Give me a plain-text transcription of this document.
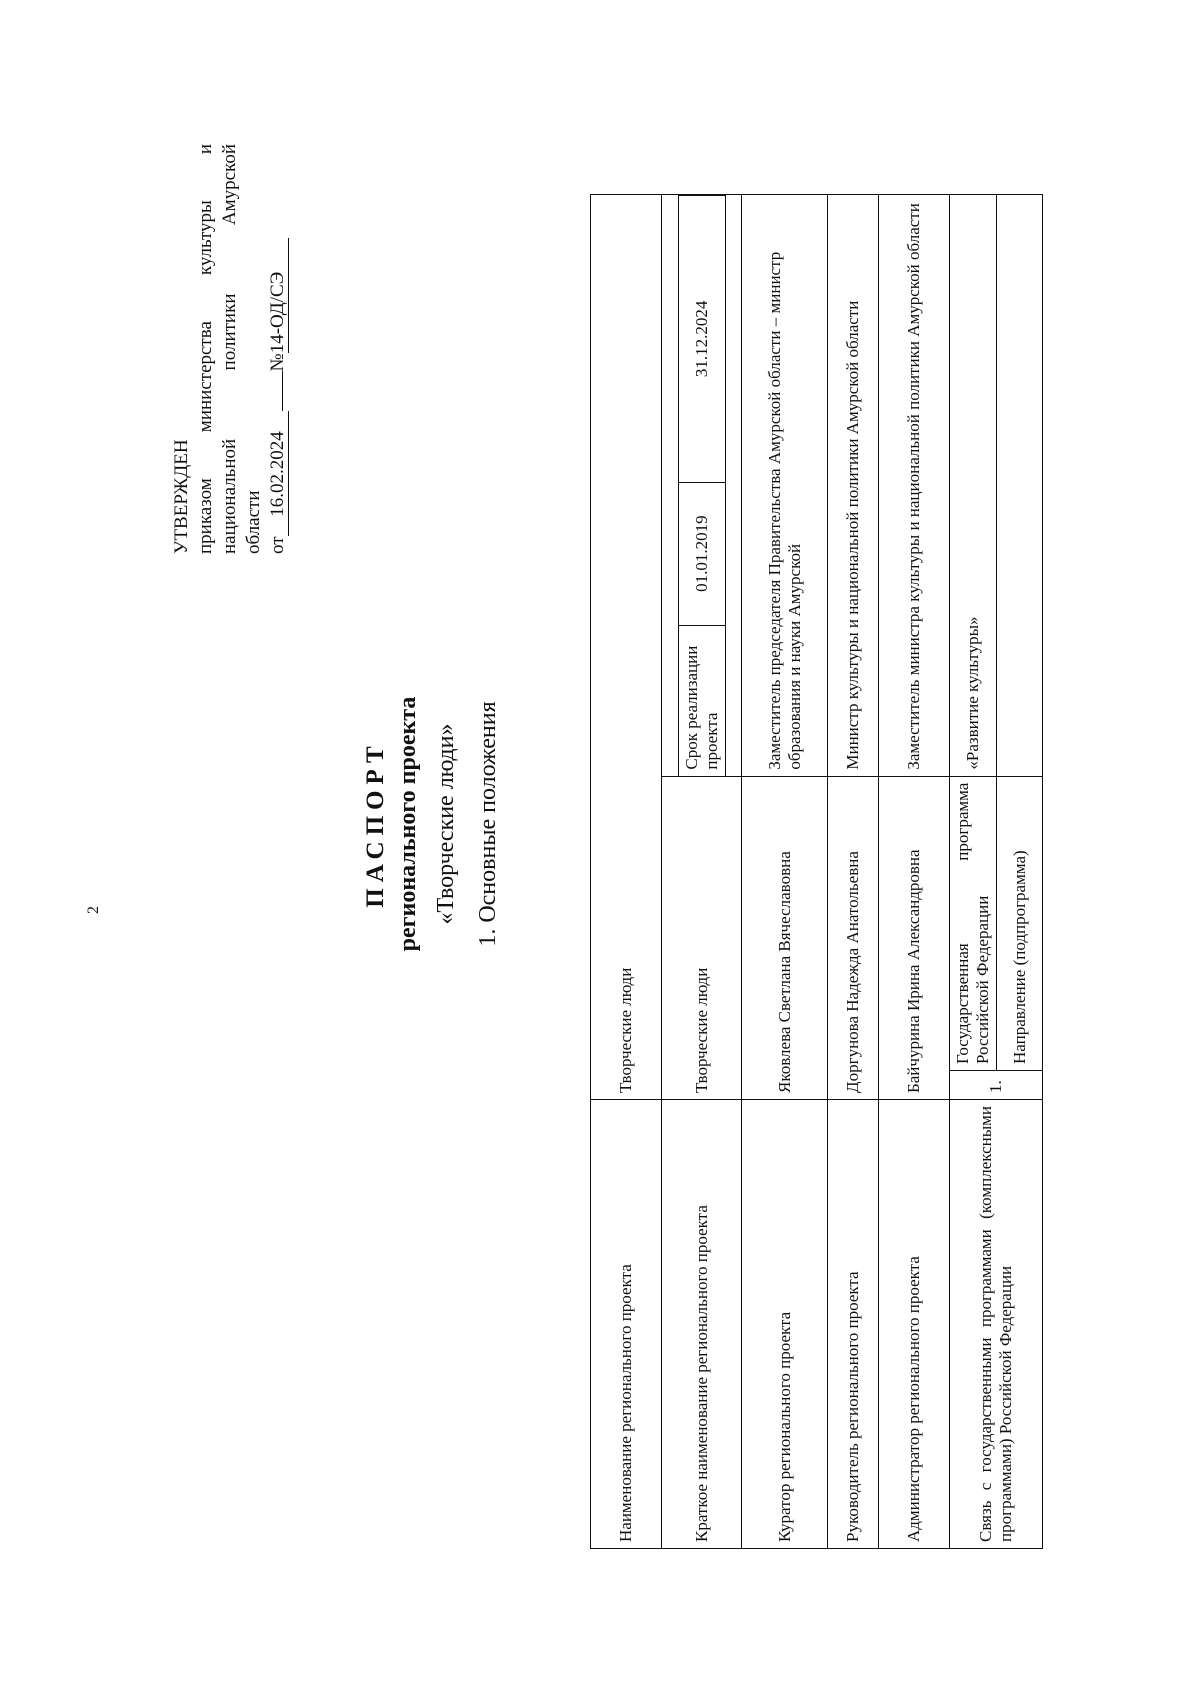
2
УТВЕРЖДЕН приказом министерства культуры и национальной политики Амурской области от
16.02.2024
№
14-ОД/СЭ
ПАСПОРТ регионального проекта «Творческие люди» 1. Основные положения
Наименование регионального проекта	Творческие люди
Краткое наименование регионального проекта	Творческие люди	
Срок реализации проекта	01.01.2019	31.12.2024

Куратор регионального проекта	Яковлева Светлана Вячеславовна	Заместитель председателя Правительства Амурской области – министр образования и науки Амурской
Руководитель регионального проекта	Доргунова Надежда Анатольевна	Министр культуры и национальной политики Амурской области
Администратор регионального проекта	Байчурина Ирина Александровна	Заместитель министра культуры и национальной политики Амурской области
Связь с государственными программами (комплексными программами) Российской Федерации	1.	Государственная программа Российской Федерации	«Развитие культуры»
Направление (подпрограмма)	
